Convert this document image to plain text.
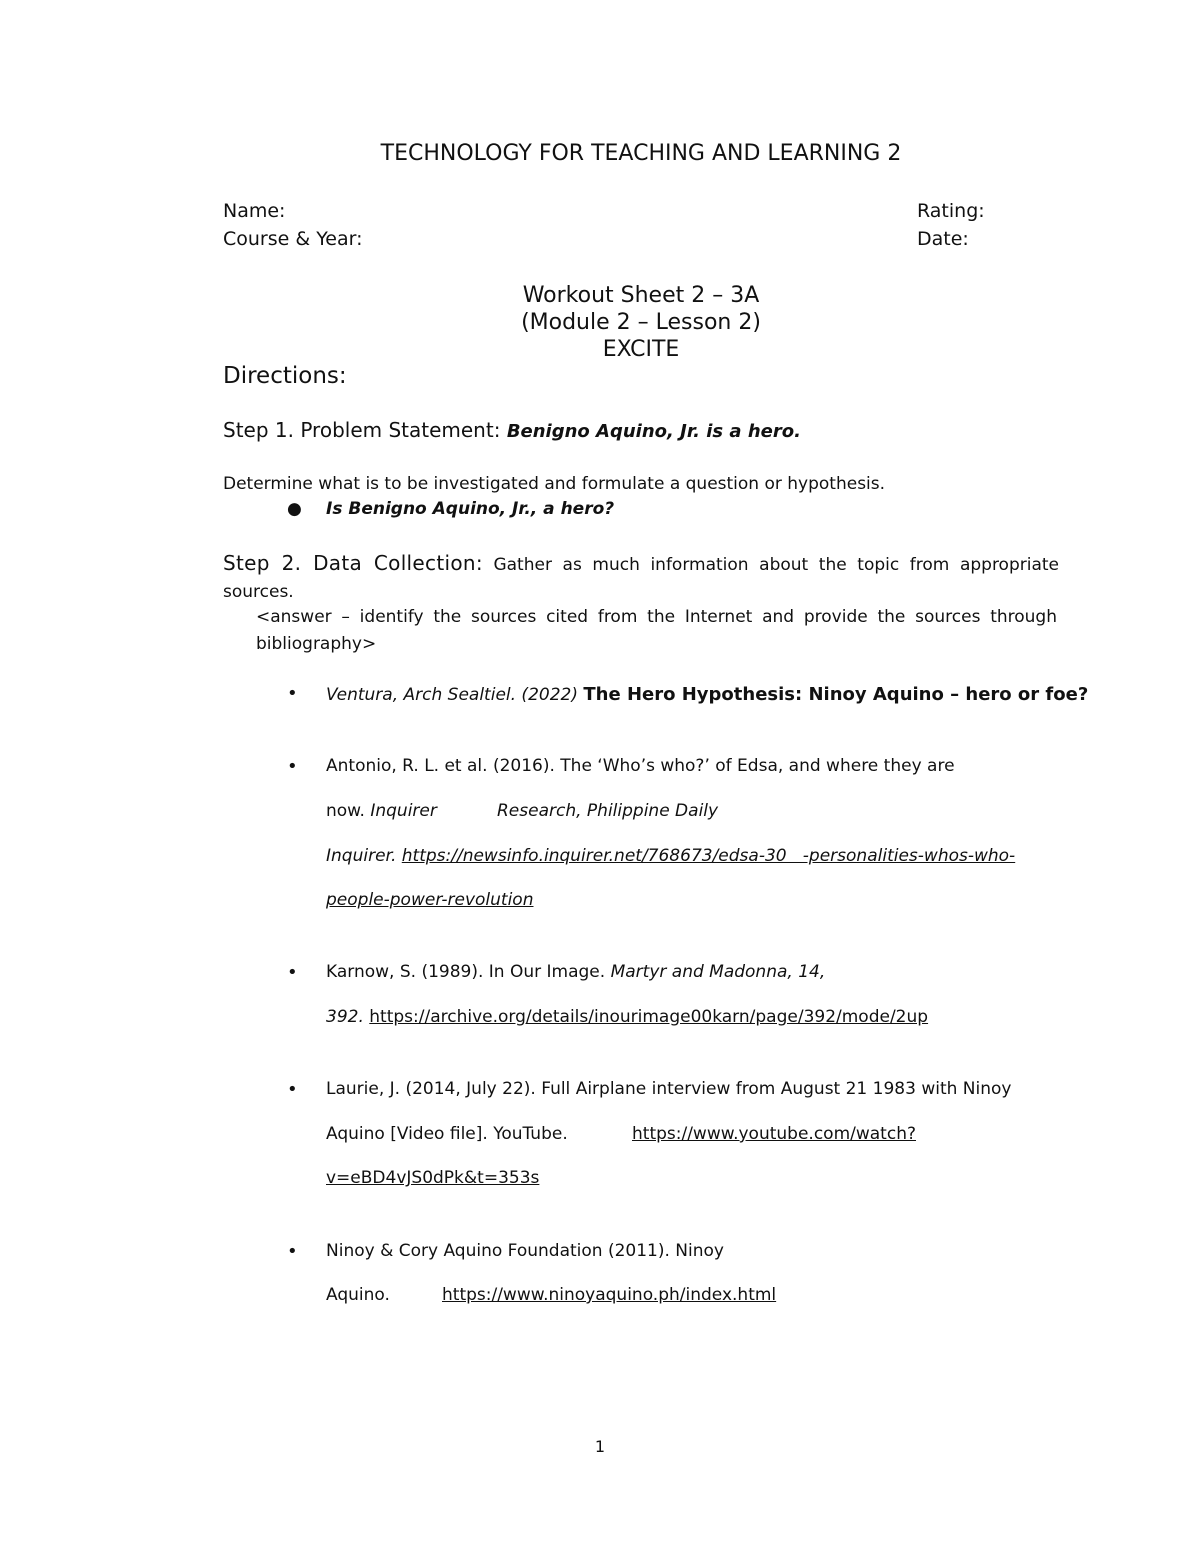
TECHNOLOGY FOR TEACHING AND LEARNING 2
Name:
Course & Year:
Rating:
Date:
Workout Sheet 2 – 3A
(Module 2 – Lesson 2)
EXCITE
Directions:
Step 1. Problem Statement: Benigno Aquino, Jr. is a hero.
Determine what is to be investigated and formulate a question or hypothesis.
● Is Benigno Aquino, Jr., a hero?
Step 2. Data Collection: Gather as much information about the topic from appropriate sources.
<answer – identify the sources cited from the Internet and provide the sources through bibliography>
• Ventura, Arch Sealtiel. (2022) The Hero Hypothesis: Ninoy Aquino – hero or foe?
• Antonio, R. L. et al. (2016). The ‘Who’s who?’ of Edsa, and where they are
now. Inquirer	Research, Philippine Daily
Inquirer. https://newsinfo.inquirer.net/768673/edsa-30   -personalities-whos-who-
people-power-revolution
• Karnow, S. (1989). In Our Image. Martyr and Madonna, 14,
392. https://archive.org/details/inourimage00karn/page/392/mode/2up
• Laurie, J. (2014, July 22). Full Airplane interview from August 21 1983 with Ninoy
Aquino [Video file]. YouTube.	https://www.youtube.com/watch?
v=eBD4vJS0dPk&t=353s
• Ninoy & Cory Aquino Foundation (2011). Ninoy
Aquino.	https://www.ninoyaquino.ph/index.html
1
